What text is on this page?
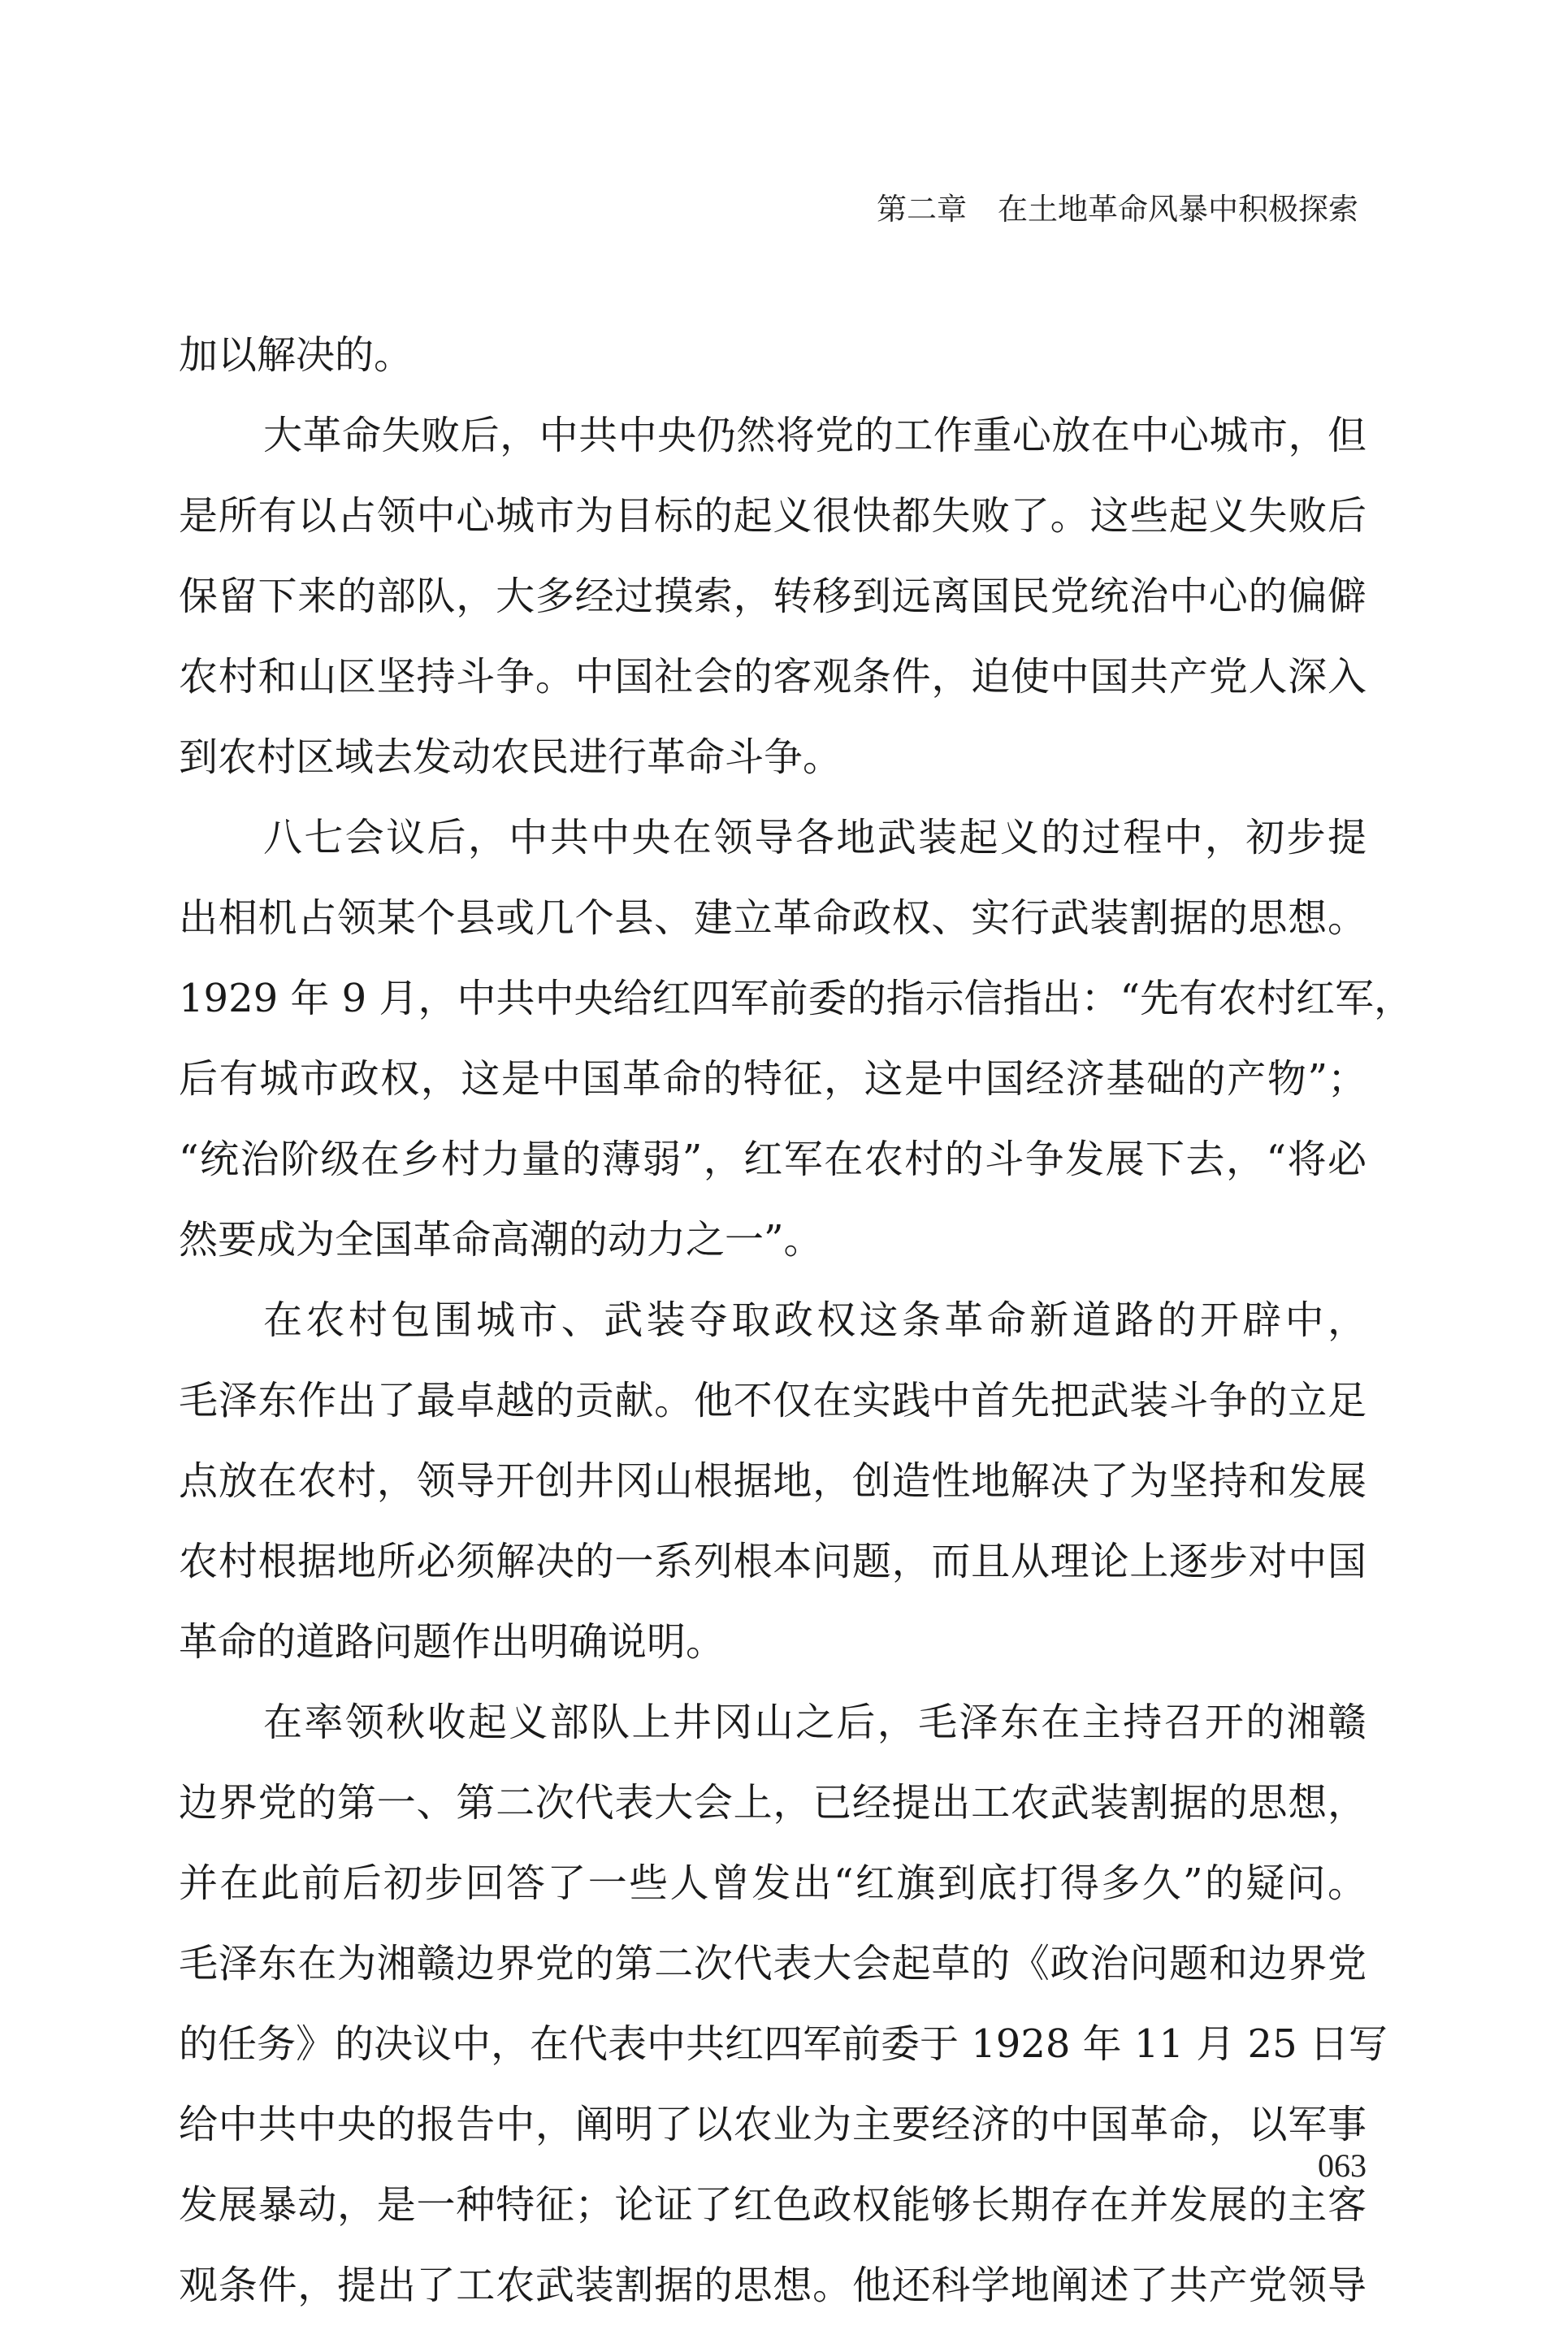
第二章 在土地革命风暴中积极探索
加以解决的。
大革命失败后，中共中央仍然将党的工作重心放在中心城市，但
是所有以占领中心城市为目标的起义很快都失败了。这些起义失败后
保留下来的部队，大多经过摸索，转移到远离国民党统治中心的偏僻
农村和山区坚持斗争。中国社会的客观条件，迫使中国共产党人深入
到农村区域去发动农民进行革命斗争。
八七会议后，中共中央在领导各地武装起义的过程中，初步提
出相机占领某个县或几个县、建立革命政权、实行武装割据的思想。
1929 年 9 月，中共中央给红四军前委的指示信指出：“先有农村红军，
后有城市政权，这是中国革命的特征，这是中国经济基础的产物”；
“统治阶级在乡村力量的薄弱”，红军在农村的斗争发展下去，“将必
然要成为全国革命高潮的动力之一”。
在农村包围城市、武装夺取政权这条革命新道路的开辟中，
毛泽东作出了最卓越的贡献。他不仅在实践中首先把武装斗争的立足
点放在农村，领导开创井冈山根据地，创造性地解决了为坚持和发展
农村根据地所必须解决的一系列根本问题，而且从理论上逐步对中国
革命的道路问题作出明确说明。
在率领秋收起义部队上井冈山之后，毛泽东在主持召开的湘赣
边界党的第一、第二次代表大会上，已经提出工农武装割据的思想，
并在此前后初步回答了一些人曾发出“红旗到底打得多久”的疑问。
毛泽东在为湘赣边界党的第二次代表大会起草的《政治问题和边界党
的任务》的决议中，在代表中共红四军前委于 1928 年 11 月 25 日写
给中共中央的报告中，阐明了以农业为主要经济的中国革命，以军事
发展暴动，是一种特征；论证了红色政权能够长期存在并发展的主客
观条件，提出了工农武装割据的思想。他还科学地阐述了共产党领导
063
